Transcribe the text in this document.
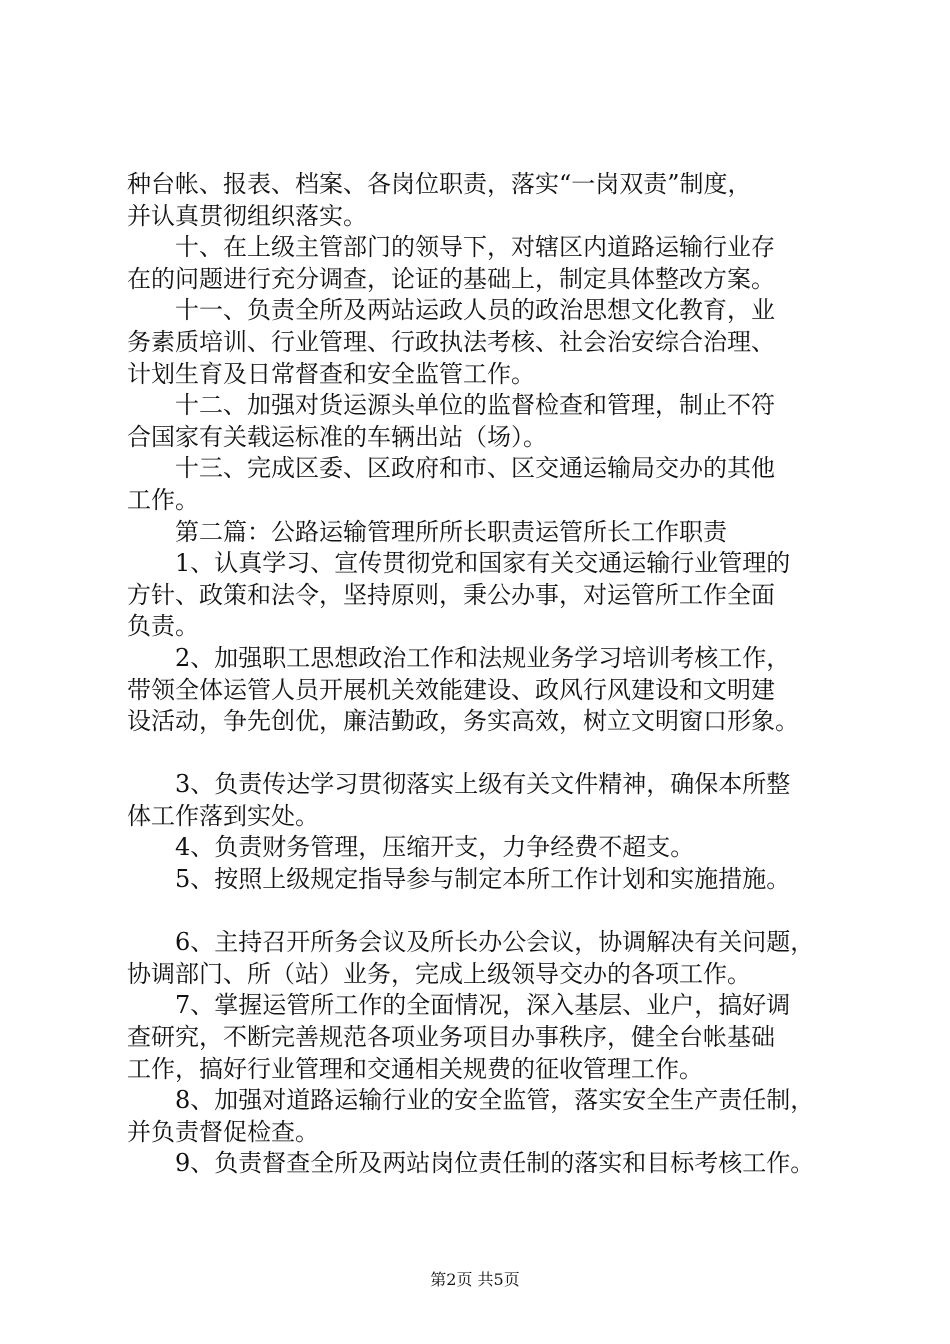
种台帐、报表、档案、各岗位职责，落实“一岗双责”制度，
并认真贯彻组织落实。
　　十、在上级主管部门的领导下，对辖区内道路运输行业存
在的问题进行充分调查，论证的基础上，制定具体整改方案。
　　十一、负责全所及两站运政人员的政治思想文化教育，业
务素质培训、行业管理、行政执法考核、社会治安综合治理、
计划生育及日常督查和安全监管工作。
　　十二、加强对货运源头单位的监督检查和管理，制止不符
合国家有关载运标准的车辆出站（场）。
　　十三、完成区委、区政府和市、区交通运输局交办的其他
工作。
　　第二篇：公路运输管理所所长职责运管所长工作职责
　　1、认真学习、宣传贯彻党和国家有关交通运输行业管理的
方针、政策和法令，坚持原则，秉公办事，对运管所工作全面
负责。
　　2、加强职工思想政治工作和法规业务学习培训考核工作，
带领全体运管人员开展机关效能建设、政风行风建设和文明建
设活动，争先创优，廉洁勤政，务实高效，树立文明窗口形象。
　　3、负责传达学习贯彻落实上级有关文件精神，确保本所整
体工作落到实处。
　　4、负责财务管理，压缩开支，力争经费不超支。
　　5、按照上级规定指导参与制定本所工作计划和实施措施。
　　6、主持召开所务会议及所长办公会议，协调解决有关问题，
协调部门、所（站）业务，完成上级领导交办的各项工作。
　　7、掌握运管所工作的全面情况，深入基层、业户，搞好调
查研究，不断完善规范各项业务项目办事秩序，健全台帐基础
工作，搞好行业管理和交通相关规费的征收管理工作。
　　8、加强对道路运输行业的安全监管，落实安全生产责任制，
并负责督促检查。
　　9、负责督查全所及两站岗位责任制的落实和目标考核工作。
第2页 共5页
